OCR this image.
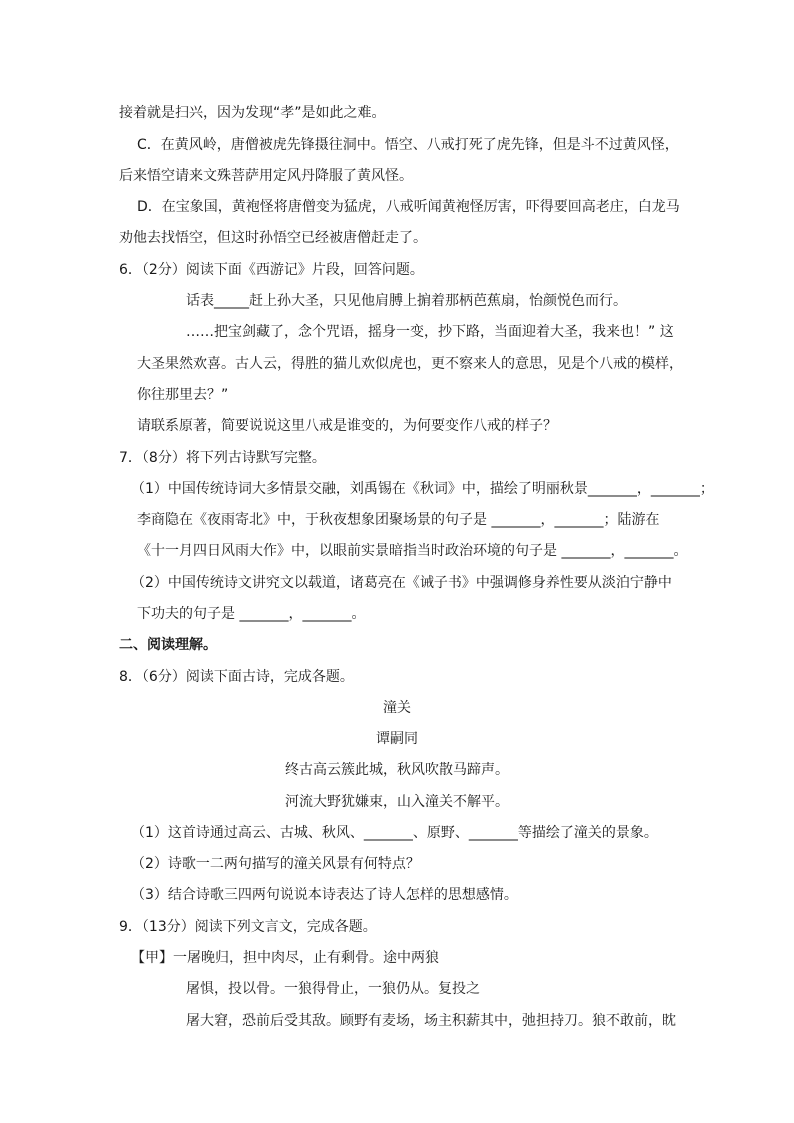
接着就是扫兴，因为发现“孝”是如此之难。
C．在黄风岭，唐僧被虎先锋摄往洞中。悟空、八戒打死了虎先锋，但是斗不过黄风怪，
后来悟空请来文殊菩萨用定风丹降服了黄风怪。
D．在宝象国，黄袍怪将唐僧变为猛虎，八戒听闻黄袍怪厉害，吓得要回高老庄，白龙马
劝他去找悟空，但这时孙悟空已经被唐僧赶走了。
6．（2分）阅读下面《西游记》片段，回答问题。
话表_____赶上孙大圣，只见他肩膊上掮着那柄芭蕉扇，怡颜悦色而行。
……把宝剑藏了，念个咒语，摇身一变，抄下路，当面迎着大圣，我来也！” 这
大圣果然欢喜。古人云，得胜的猫儿欢似虎也，更不察来人的意思，见是个八戒的模样，
你往那里去？”
请联系原著，简要说说这里八戒是谁变的，为何要变作八戒的样子？
7．（8分）将下列古诗默写完整。
（1）中国传统诗词大多情景交融，刘禹锡在《秋词》中，描绘了明丽秋景_______，_______；
李商隐在《夜雨寄北》中，于秋夜想象团聚场景的句子是 _______，_______；陆游在
《十一月四日风雨大作》中，以眼前实景暗指当时政治环境的句子是 _______，_______。
（2）中国传统诗文讲究文以载道，诸葛亮在《诫子书》中强调修身养性要从淡泊宁静中
下功夫的句子是 _______，_______。
二、阅读理解。
8．（6分）阅读下面古诗，完成各题。
潼关
谭嗣同
终古高云簇此城，秋风吹散马蹄声。
河流大野犹嫌束，山入潼关不解平。
（1）这首诗通过高云、古城、秋风、_______、原野、_______等描绘了潼关的景象。
（2）诗歌一二两句描写的潼关风景有何特点？
（3）结合诗歌三四两句说说本诗表达了诗人怎样的思想感情。
9．（13分）阅读下列文言文，完成各题。
【甲】一屠晚归，担中肉尽，止有剩骨。途中两狼
屠惧，投以骨。一狼得骨止，一狼仍从。复投之
屠大窘，恐前后受其敌。顾野有麦场，场主积薪其中，弛担持刀。狼不敢前，眈
